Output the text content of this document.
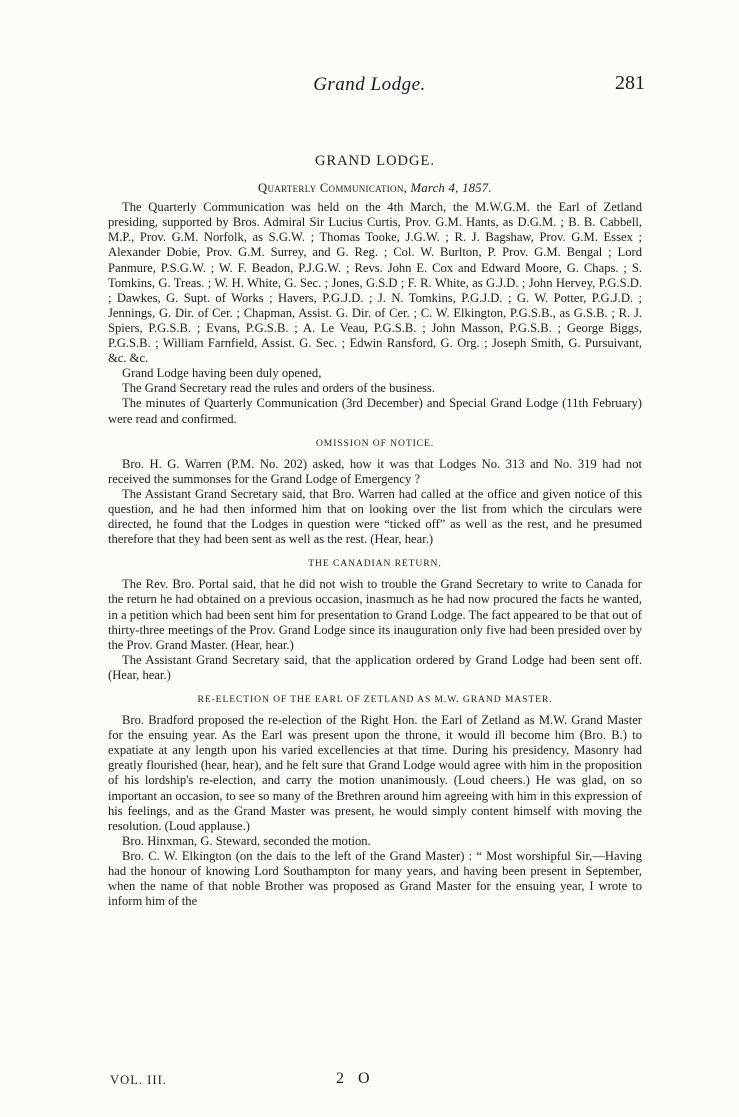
Grand Lodge.	281
GRAND LODGE.
Quarterly Communication, March 4, 1857.

The Quarterly Communication was held on the 4th March, the M.W.G.M. the Earl of Zetland presiding, supported by Bros. Admiral Sir Lucius Curtis, Prov. G.M. Hants, as D.G.M. ; B. B. Cabbell, M.P., Prov. G.M. Norfolk, as S.G.W. ; Thomas Tooke, J.G.W. ; R. J. Bagshaw, Prov. G.M. Essex ; Alexander Dobie, Prov. G.M. Surrey, and G. Reg. ; Col. W. Burlton, P. Prov. G.M. Bengal ; Lord Panmure, P.S.G.W. ; W. F. Beadon, P.J.G.W. ; Revs. John E. Cox and Edward Moore, G. Chaps. ; S. Tomkins, G. Treas. ; W. H. White, G. Sec. ; Jones, G.S.D ; F. R. White, as G.J.D. ; John Hervey, P.G.S.D. ; Dawkes, G. Supt. of Works ; Havers, P.G.J.D. ; J. N. Tomkins, P.G.J.D. ; G. W. Potter, P.G.J.D. ; Jennings, G. Dir. of Cer. ; Chapman, Assist. G. Dir. of Cer. ; C. W. Elkington, P.G.S.B., as G.S.B. ; R. J. Spiers, P.G.S.B. ; Evans, P.G.S.B. ; A. Le Veau, P.G.S.B. ; John Masson, P.G.S.B. ; George Biggs, P.G.S.B. ; William Farnfield, Assist. G. Sec. ; Edwin Ransford, G. Org. ; Joseph Smith, G. Pursuivant, &c. &c.

Grand Lodge having been duly opened,

The Grand Secretary read the rules and orders of the business.

The minutes of Quarterly Communication (3rd December) and Special Grand Lodge (11th February) were read and confirmed.

OMISSION OF NOTICE.

Bro. H. G. Warren (P.M. No. 202) asked, how it was that Lodges No. 313 and No. 319 had not received the summonses for the Grand Lodge of Emergency ?

The Assistant Grand Secretary said, that Bro. Warren had called at the office and given notice of this question, and he had then informed him that on looking over the list from which the circulars were directed, he found that the Lodges in question were “ticked off” as well as the rest, and he presumed therefore that they had been sent as well as the rest. (Hear, hear.)

THE CANADIAN RETURN.

The Rev. Bro. Portal said, that he did not wish to trouble the Grand Secretary to write to Canada for the return he had obtained on a previous occasion, inasmuch as he had now procured the facts he wanted, in a petition which had been sent him for presentation to Grand Lodge. The fact appeared to be that out of thirty-three meetings of the Prov. Grand Lodge since its inauguration only five had been presided over by the Prov. Grand Master. (Hear, hear.)

The Assistant Grand Secretary said, that the application ordered by Grand Lodge had been sent off. (Hear, hear.)

RE-ELECTION OF THE EARL OF ZETLAND AS M.W. GRAND MASTER.

Bro. Bradford proposed the re-election of the Right Hon. the Earl of Zetland as M.W. Grand Master for the ensuing year. As the Earl was present upon the throne, it would ill become him (Bro. B.) to expatiate at any length upon his varied excellencies at that time. During his presidency, Masonry had greatly flourished (hear, hear), and he felt sure that Grand Lodge would agree with him in the proposition of his lordship's re-election, and carry the motion unanimously. (Loud cheers.) He was glad, on so important an occasion, to see so many of the Brethren around him agreeing with him in this expression of his feelings, and as the Grand Master was present, he would simply content himself with moving the resolution. (Loud applause.)

Bro. Hinxman, G. Steward, seconded the motion.

Bro. C. W. Elkington (on the dais to the left of the Grand Master) : “ Most worshipful Sir,—Having had the honour of knowing Lord Southampton for many years, and having been present in September, when the name of that noble Brother was proposed as Grand Master for the ensuing year, I wrote to inform him of the

VOL. III.	2 O
